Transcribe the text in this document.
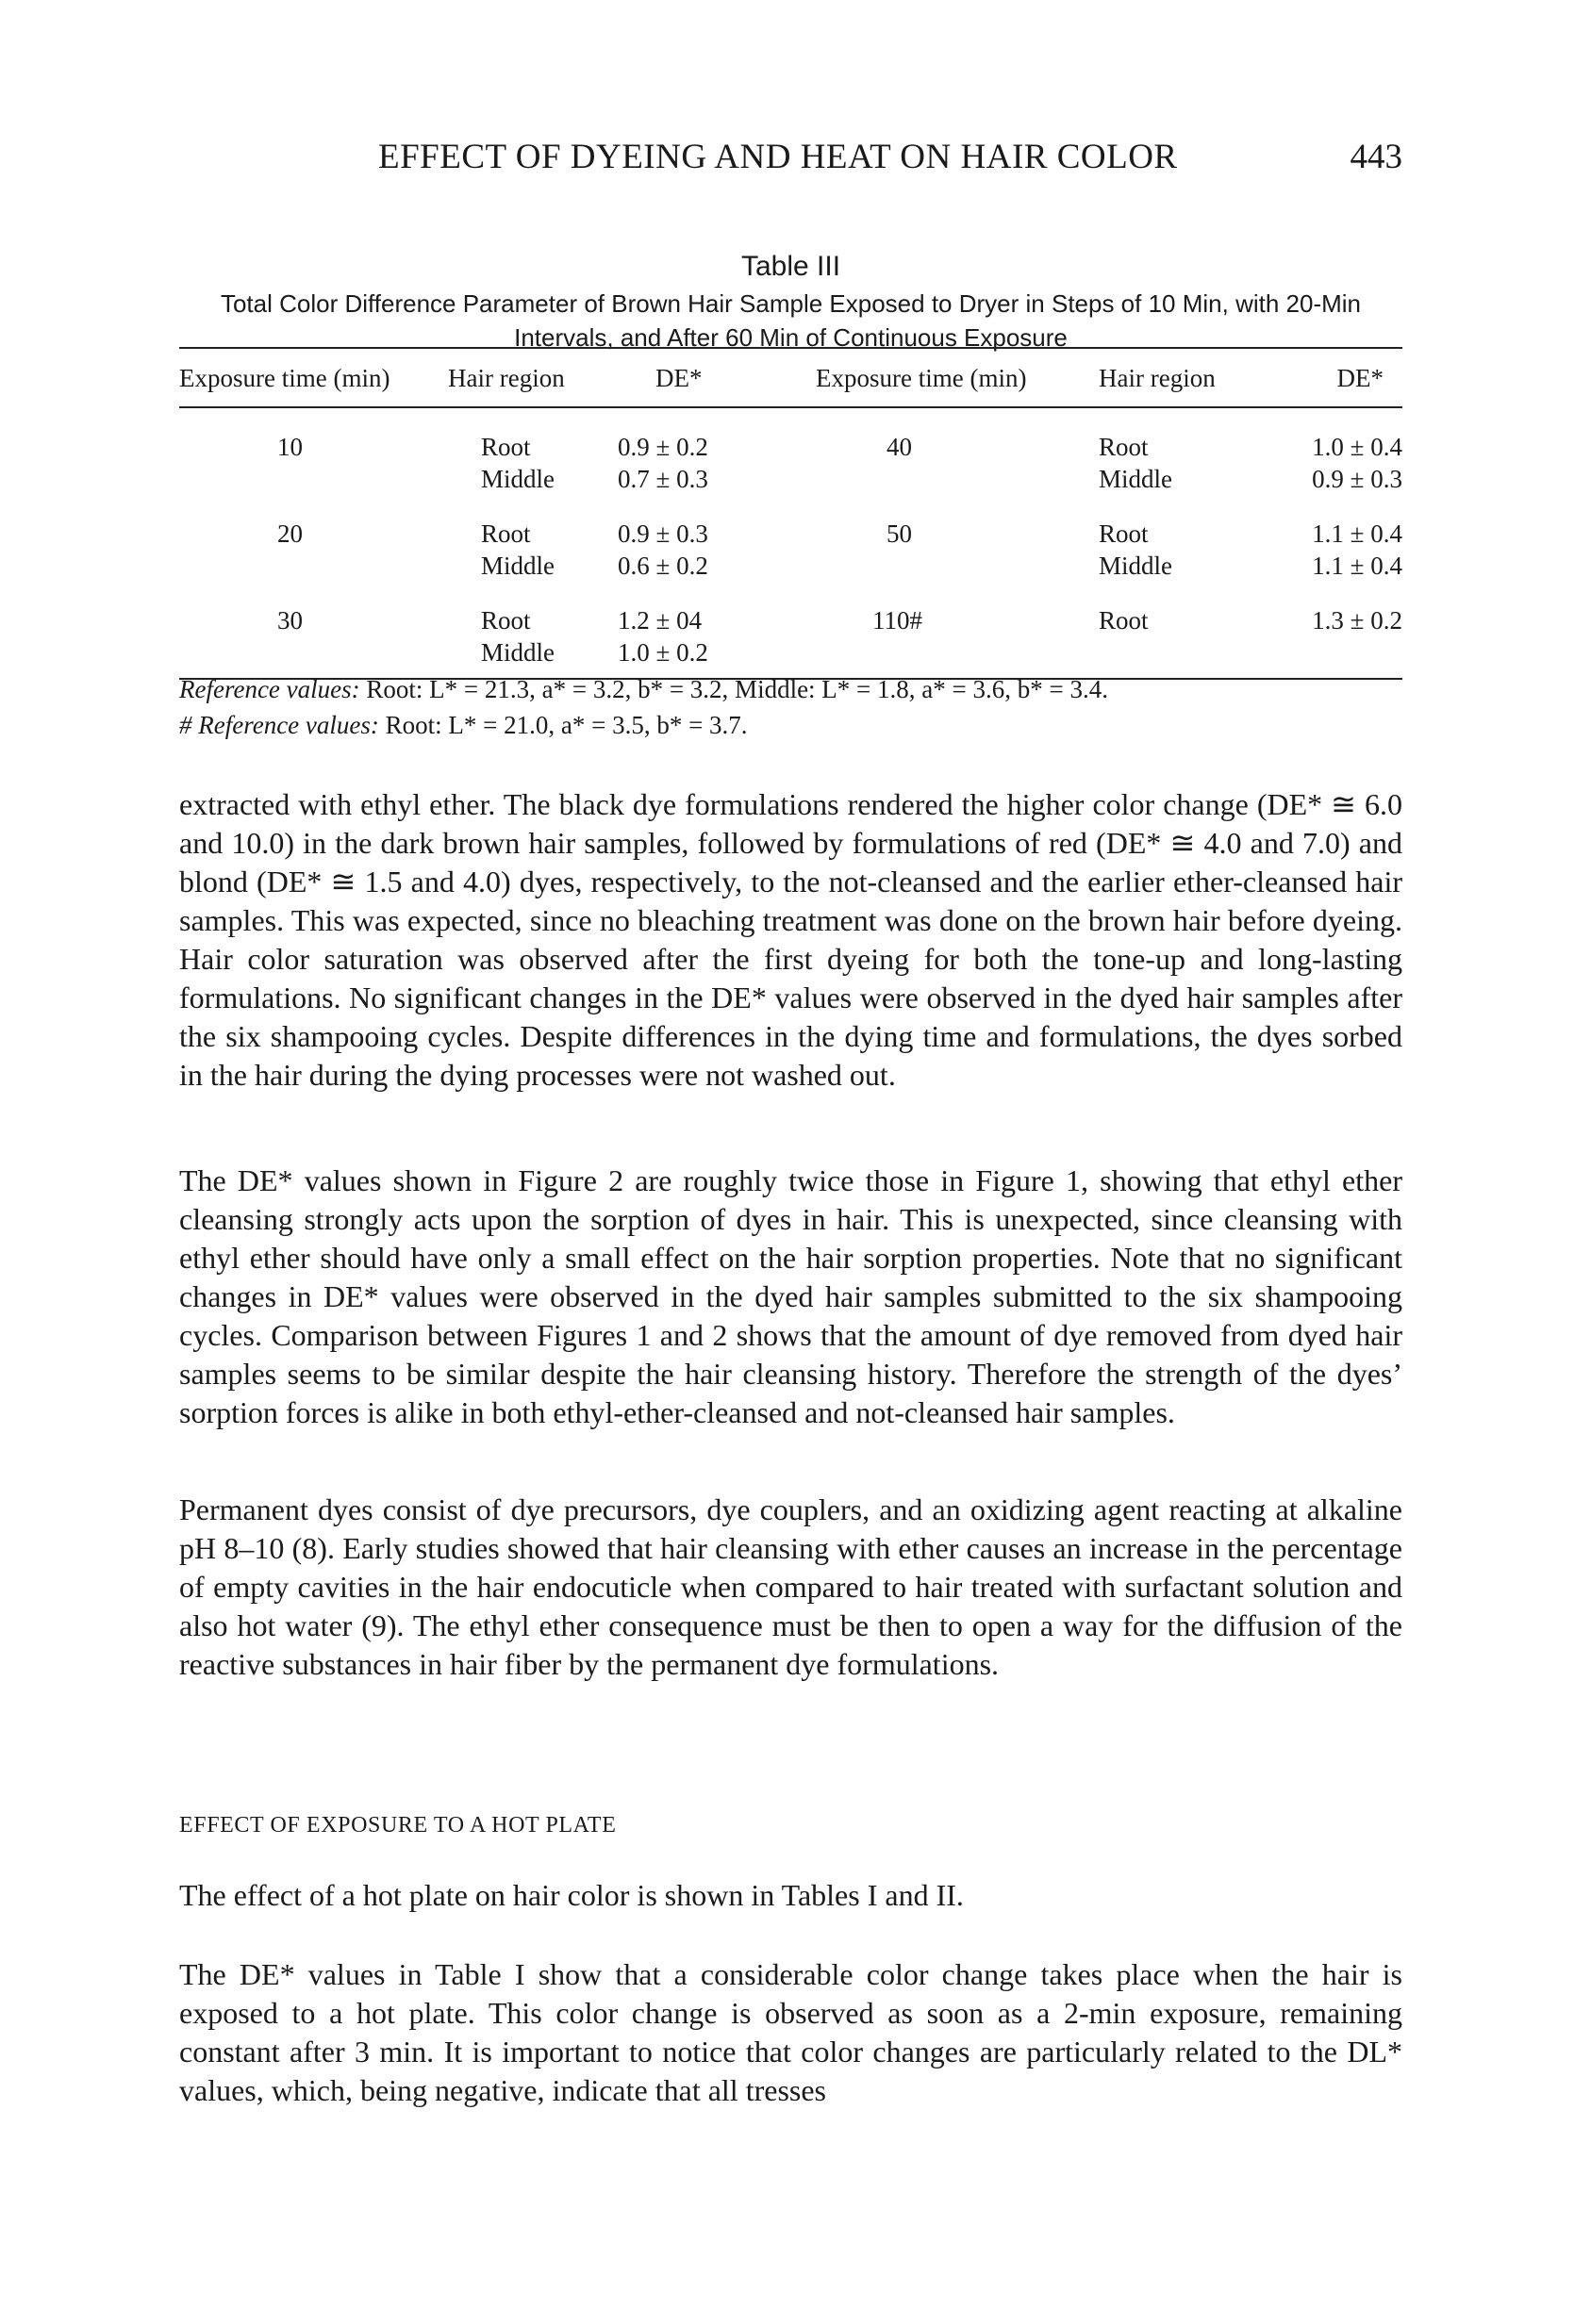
EFFECT OF DYEING AND HEAT ON HAIR COLOR	443
Table III
Total Color Difference Parameter of Brown Hair Sample Exposed to Dryer in Steps of 10 Min, with 20-Min Intervals, and After 60 Min of Continuous Exposure
Exposure time (min)	Hair region	DE*	Exposure time (min)	Hair region	DE*
10	Root	0.9 ± 0.2	40	Root	1.0 ± 0.4
	Middle	0.7 ± 0.3		Middle	0.9 ± 0.3
20	Root	0.9 ± 0.3	50	Root	1.1 ± 0.4
	Middle	0.6 ± 0.2		Middle	1.1 ± 0.4
30	Root	1.2 ± 04	110#	Root	1.3 ± 0.2
	Middle	1.0 ± 0.2			
Reference values: Root: L* = 21.3, a* = 3.2, b* = 3.2, Middle: L* = 1.8, a* = 3.6, b* = 3.4.
# Reference values: Root: L* = 21.0, a* = 3.5, b* = 3.7.

extracted with ethyl ether. The black dye formulations rendered the higher color change (DE* ≅ 6.0 and 10.0) in the dark brown hair samples, followed by formulations of red (DE* ≅ 4.0 and 7.0) and blond (DE* ≅ 1.5 and 4.0) dyes, respectively, to the not-cleansed and the earlier ether-cleansed hair samples. This was expected, since no bleaching treatment was done on the brown hair before dyeing. Hair color saturation was observed after the first dyeing for both the tone-up and long-lasting formulations. No significant changes in the DE* values were observed in the dyed hair samples after the six shampooing cycles. Despite differences in the dying time and formulations, the dyes sorbed in the hair during the dying processes were not washed out.

The DE* values shown in Figure 2 are roughly twice those in Figure 1, showing that ethyl ether cleansing strongly acts upon the sorption of dyes in hair. This is unexpected, since cleansing with ethyl ether should have only a small effect on the hair sorption properties. Note that no significant changes in DE* values were observed in the dyed hair samples submitted to the six shampooing cycles. Comparison between Figures 1 and 2 shows that the amount of dye removed from dyed hair samples seems to be similar despite the hair cleansing history. Therefore the strength of the dyes’ sorption forces is alike in both ethyl-ether-cleansed and not-cleansed hair samples.

Permanent dyes consist of dye precursors, dye couplers, and an oxidizing agent reacting at alkaline pH 8–10 (8). Early studies showed that hair cleansing with ether causes an increase in the percentage of empty cavities in the hair endocuticle when compared to hair treated with surfactant solution and also hot water (9). The ethyl ether consequence must be then to open a way for the diffusion of the reactive substances in hair fiber by the permanent dye formulations.

EFFECT OF EXPOSURE TO A HOT PLATE

The effect of a hot plate on hair color is shown in Tables I and II.

The DE* values in Table I show that a considerable color change takes place when the hair is exposed to a hot plate. This color change is observed as soon as a 2-min exposure, remaining constant after 3 min. It is important to notice that color changes are particularly related to the DL* values, which, being negative, indicate that all tresses
